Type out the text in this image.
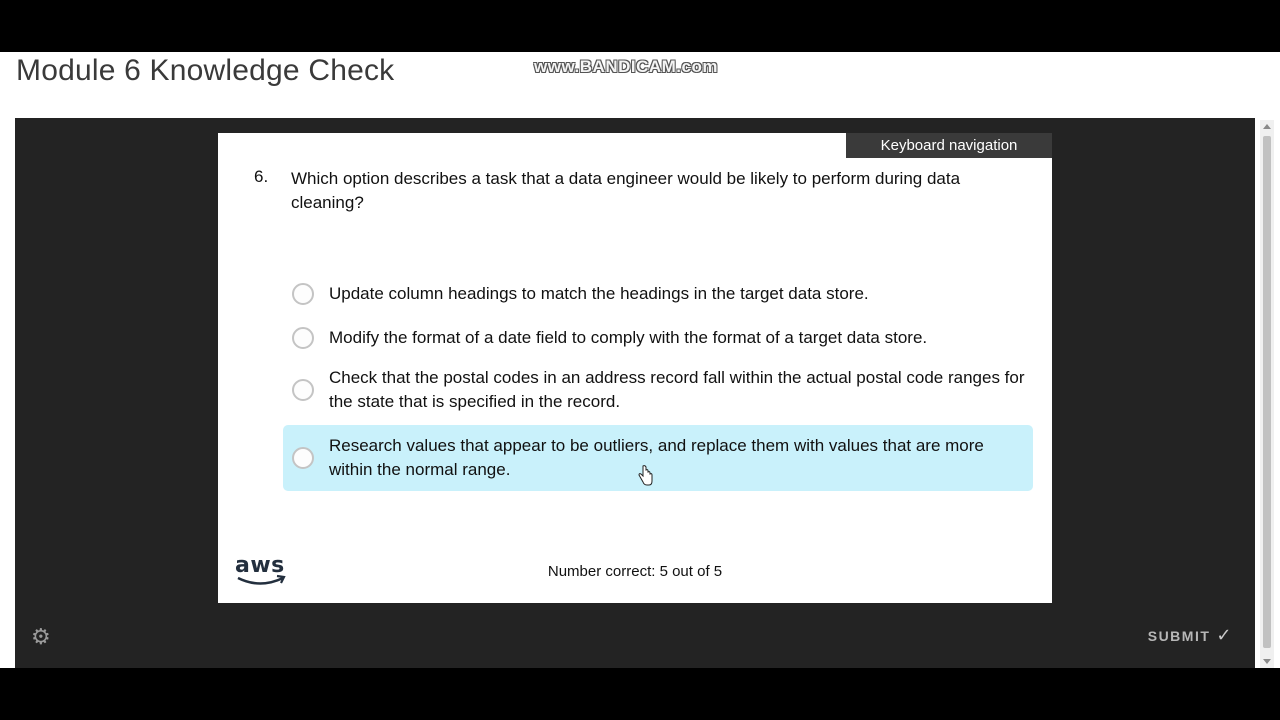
Module 6 Knowledge Check	www.BANDICAM.com
Keyboard navigation
6. Which option describes a task that a data engineer would be likely to perform during data cleaning?
Update column headings to match the headings in the target data store.
Modify the format of a date field to comply with the format of a target data store.
Check that the postal codes in an address record fall within the actual postal code ranges for the state that is specified in the record.
Research values that appear to be outliers, and replace them with values that are more within the normal range.
aws	Number correct: 5 out of 5
⚙	SUBMIT ✓
